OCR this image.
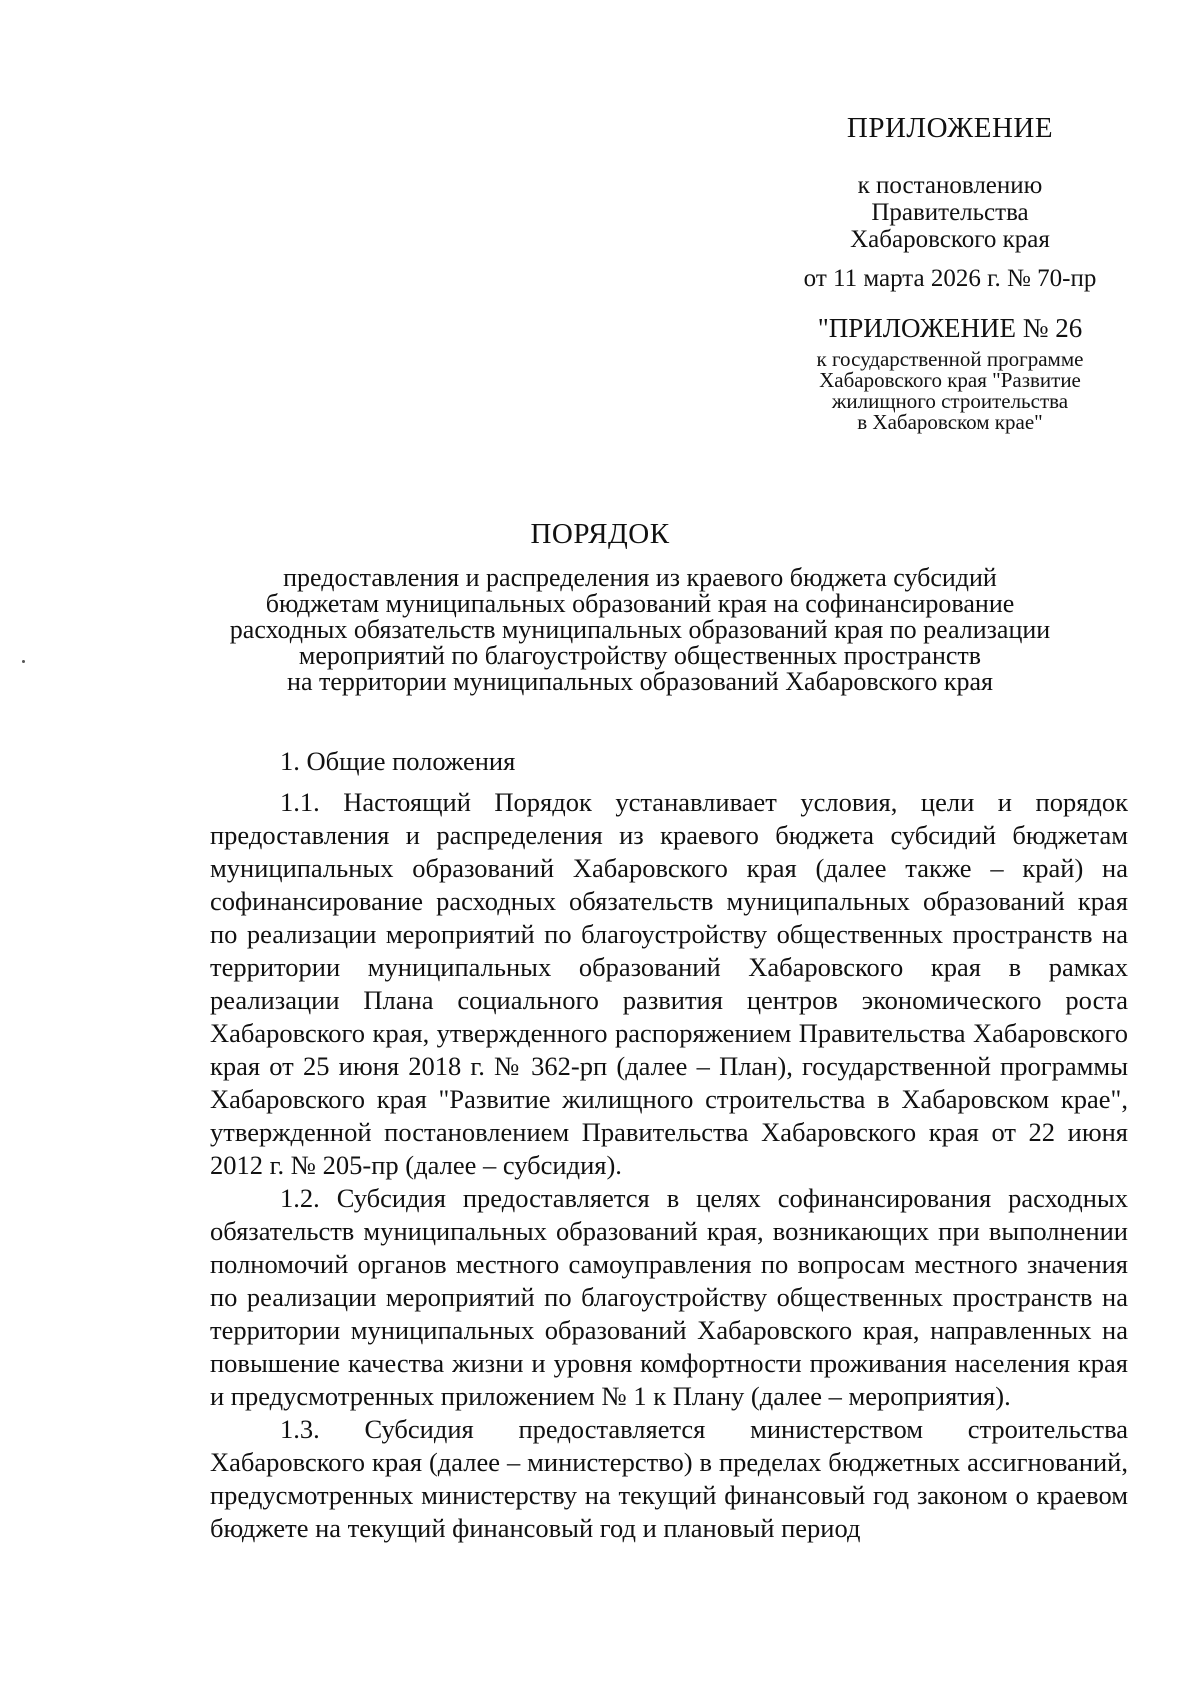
ПРИЛОЖЕНИЕ
к постановлению
Правительства
Хабаровского края
от 11 марта 2026 г. № 70-пр
"ПРИЛОЖЕНИЕ № 26
к государственной программе
Хабаровского края "Развитие
жилищного строительства
в Хабаровском крае"
ПОРЯДОК
предоставления и распределения из краевого бюджета субсидий
бюджетам муниципальных образований края на софинансирование
расходных обязательств муниципальных образований края по реализации
мероприятий по благоустройству общественных пространств
на территории муниципальных образований Хабаровского края
1. Общие положения

1.1. Настоящий Порядок устанавливает условия, цели и порядок предоставления и распределения из краевого бюджета субсидий бюджетам муниципальных образований Хабаровского края (далее также – край) на софинансирование расходных обязательств муниципальных образований края по реализации мероприятий по благоустройству общественных пространств на территории муниципальных образований Хабаровского края в рамках реализации Плана социального развития центров экономического роста Хабаровского края, утвержденного распоряжением Правительства Хабаровского края от 25 июня 2018 г. № 362-рп (далее – План), государственной программы Хабаровского края "Развитие жилищного строительства в Хабаровском крае", утвержденной постановлением Правительства Хабаровского края от 22 июня 2012 г. № 205-пр (далее – субсидия).

1.2. Субсидия предоставляется в целях софинансирования расходных обязательств муниципальных образований края, возникающих при выполнении полномочий органов местного самоуправления по вопросам местного значения по реализации мероприятий по благоустройству общественных пространств на территории муниципальных образований Хабаровского края, направленных на повышение качества жизни и уровня комфортности проживания населения края и предусмотренных приложением № 1 к Плану (далее – мероприятия).

1.3. Субсидия предоставляется министерством строительства Хабаровского края (далее – министерство) в пределах бюджетных ассигнований, предусмотренных министерству на текущий финансовый год законом о краевом бюджете на текущий финансовый год и плановый период
